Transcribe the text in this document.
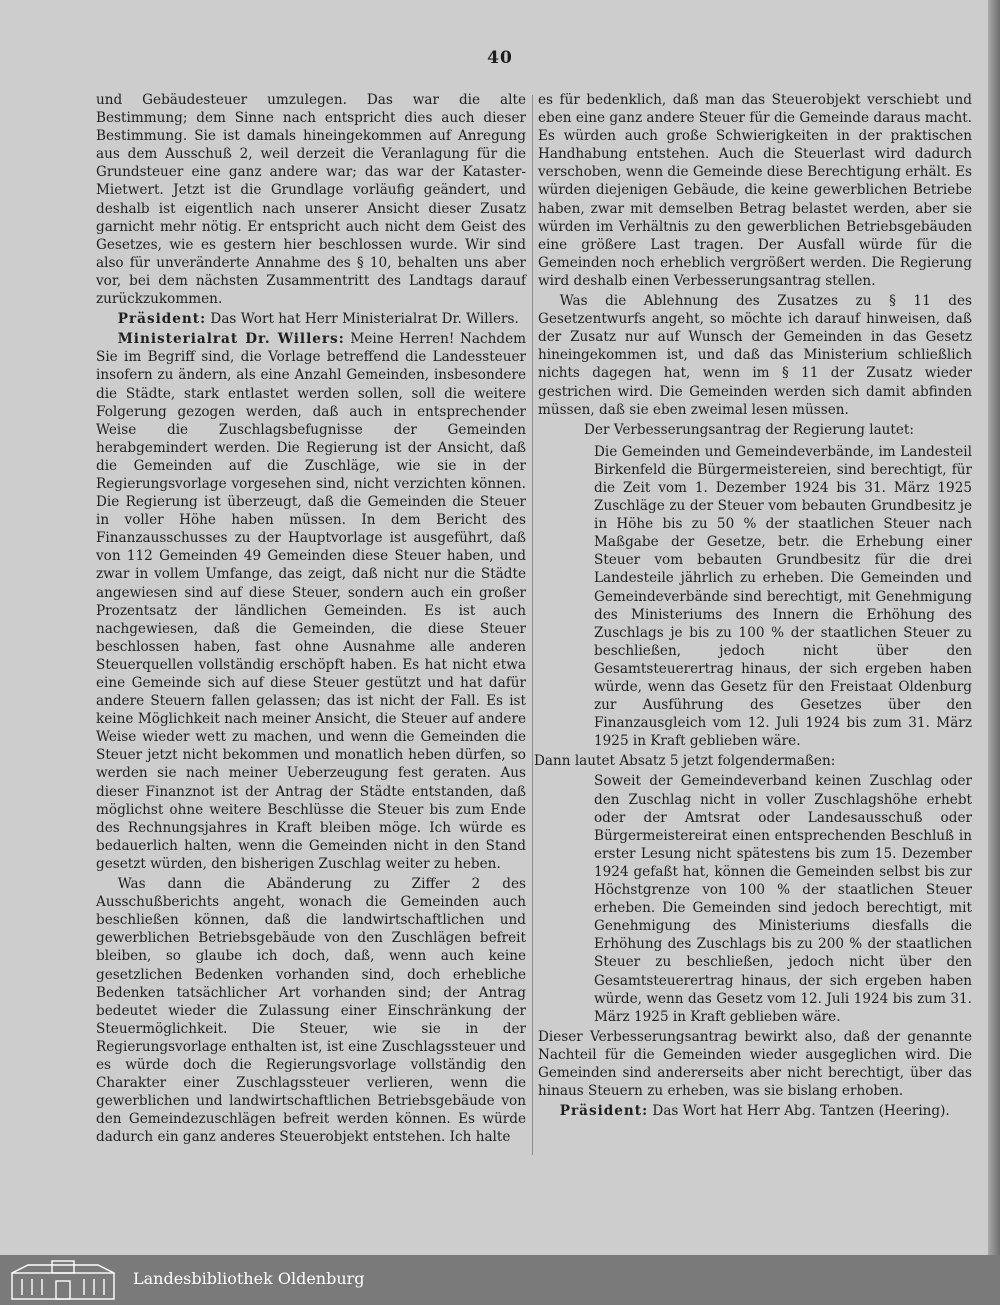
40

und Gebäudesteuer umzulegen. Das war die alte Bestimmung; dem Sinne nach entspricht dies auch dieser Bestimmung. Sie ist damals hineingekommen auf Anregung aus dem Ausschuß 2, weil derzeit die Veranlagung für die Grundsteuer eine ganz andere war; das war der Kataster-Mietwert. Jetzt ist die Grundlage vorläufig geändert, und deshalb ist eigentlich nach unserer Ansicht dieser Zusatz garnicht mehr nötig. Er entspricht auch nicht dem Geist des Gesetzes, wie es gestern hier beschlossen wurde. Wir sind also für unveränderte Annahme des § 10, behalten uns aber vor, bei dem nächsten Zusammentritt des Landtags darauf zurückzukommen.

Präsident: Das Wort hat Herr Ministerialrat Dr. Willers.

Ministerialrat Dr. Willers: Meine Herren! Nachdem Sie im Begriff sind, die Vorlage betreffend die Landessteuer insofern zu ändern, als eine Anzahl Gemeinden, insbesondere die Städte, stark entlastet werden sollen, soll die weitere Folgerung gezogen werden, daß auch in entsprechender Weise die Zuschlagsbefugnisse der Gemeinden herabgemindert werden. Die Regierung ist der Ansicht, daß die Gemeinden auf die Zuschläge, wie sie in der Regierungsvorlage vorgesehen sind, nicht verzichten können. Die Regierung ist überzeugt, daß die Gemeinden die Steuer in voller Höhe haben müssen. In dem Bericht des Finanzausschusses zu der Hauptvorlage ist ausgeführt, daß von 112 Gemeinden 49 Gemeinden diese Steuer haben, und zwar in vollem Umfange, das zeigt, daß nicht nur die Städte angewiesen sind auf diese Steuer, sondern auch ein großer Prozentsatz der ländlichen Gemeinden. Es ist auch nachgewiesen, daß die Gemeinden, die diese Steuer beschlossen haben, fast ohne Ausnahme alle anderen Steuerquellen vollständig erschöpft haben. Es hat nicht etwa eine Gemeinde sich auf diese Steuer gestützt und hat dafür andere Steuern fallen gelassen; das ist nicht der Fall. Es ist keine Möglichkeit nach meiner Ansicht, die Steuer auf andere Weise wieder wett zu machen, und wenn die Gemeinden die Steuer jetzt nicht bekommen und monatlich heben dürfen, so werden sie nach meiner Ueberzeugung fest geraten. Aus dieser Finanznot ist der Antrag der Städte entstanden, daß möglichst ohne weitere Beschlüsse die Steuer bis zum Ende des Rechnungsjahres in Kraft bleiben möge. Ich würde es bedauerlich halten, wenn die Gemeinden nicht in den Stand gesetzt würden, den bisherigen Zuschlag weiter zu heben.

Was dann die Abänderung zu Ziffer 2 des Ausschußberichts angeht, wonach die Gemeinden auch beschließen können, daß die landwirtschaftlichen und gewerblichen Betriebsgebäude von den Zuschlägen befreit bleiben, so glaube ich doch, daß, wenn auch keine gesetzlichen Bedenken vorhanden sind, doch erhebliche Bedenken tatsächlicher Art vorhanden sind; der Antrag bedeutet wieder die Zulassung einer Einschränkung der Steuermöglichkeit. Die Steuer, wie sie in der Regierungsvorlage enthalten ist, ist eine Zuschlagssteuer und es würde doch die Regierungsvorlage vollständig den Charakter einer Zuschlagssteuer verlieren, wenn die gewerblichen und landwirtschaftlichen Betriebsgebäude von den Gemeindezuschlägen befreit werden können. Es würde dadurch ein ganz anderes Steuerobjekt entstehen. Ich halte

es für bedenklich, daß man das Steuerobjekt verschiebt und eben eine ganz andere Steuer für die Gemeinde daraus macht. Es würden auch große Schwierigkeiten in der praktischen Handhabung entstehen. Auch die Steuerlast wird dadurch verschoben, wenn die Gemeinde diese Berechtigung erhält. Es würden diejenigen Gebäude, die keine gewerblichen Betriebe haben, zwar mit demselben Betrag belastet werden, aber sie würden im Verhältnis zu den gewerblichen Betriebsgebäuden eine größere Last tragen. Der Ausfall würde für die Gemeinden noch erheblich vergrößert werden. Die Regierung wird deshalb einen Verbesserungsantrag stellen.

Was die Ablehnung des Zusatzes zu § 11 des Gesetzentwurfs angeht, so möchte ich darauf hinweisen, daß der Zusatz nur auf Wunsch der Gemeinden in das Gesetz hineingekommen ist, und daß das Ministerium schließlich nichts dagegen hat, wenn im § 11 der Zusatz wieder gestrichen wird. Die Gemeinden werden sich damit abfinden müssen, daß sie eben zweimal lesen müssen.

Der Verbesserungsantrag der Regierung lautet:

Die Gemeinden und Gemeindeverbände, im Landesteil Birkenfeld die Bürgermeistereien, sind berechtigt, für die Zeit vom 1. Dezember 1924 bis 31. März 1925 Zuschläge zu der Steuer vom bebauten Grundbesitz je in Höhe bis zu 50 % der staatlichen Steuer nach Maßgabe der Gesetze, betr. die Erhebung einer Steuer vom bebauten Grundbesitz für die drei Landesteile jährlich zu erheben. Die Gemeinden und Gemeindeverbände sind berechtigt, mit Genehmigung des Ministeriums des Innern die Erhöhung des Zuschlags je bis zu 100 % der staatlichen Steuer zu beschließen, jedoch nicht über den Gesamtsteuerertrag hinaus, der sich ergeben haben würde, wenn das Gesetz für den Freistaat Oldenburg zur Ausführung des Gesetzes über den Finanzausgleich vom 12. Juli 1924 bis zum 31. März 1925 in Kraft geblieben wäre.

Dann lautet Absatz 5 jetzt folgendermaßen:

Soweit der Gemeindeverband keinen Zuschlag oder den Zuschlag nicht in voller Zuschlagshöhe erhebt oder der Amtsrat oder Landesausschuß oder Bürgermeistereirat einen entsprechenden Beschluß in erster Lesung nicht spätestens bis zum 15. Dezember 1924 gefaßt hat, können die Gemeinden selbst bis zur Höchstgrenze von 100 % der staatlichen Steuer erheben. Die Gemeinden sind jedoch berechtigt, mit Genehmigung des Ministeriums diesfalls die Erhöhung des Zuschlags bis zu 200 % der staatlichen Steuer zu beschließen, jedoch nicht über den Gesamtsteuerertrag hinaus, der sich ergeben haben würde, wenn das Gesetz vom 12. Juli 1924 bis zum 31. März 1925 in Kraft geblieben wäre.

Dieser Verbesserungsantrag bewirkt also, daß der genannte Nachteil für die Gemeinden wieder ausgeglichen wird. Die Gemeinden sind andererseits aber nicht berechtigt, über das hinaus Steuern zu erheben, was sie bislang erhoben.

Präsident: Das Wort hat Herr Abg. Tantzen (Heering).

Landesbibliothek Oldenburg
